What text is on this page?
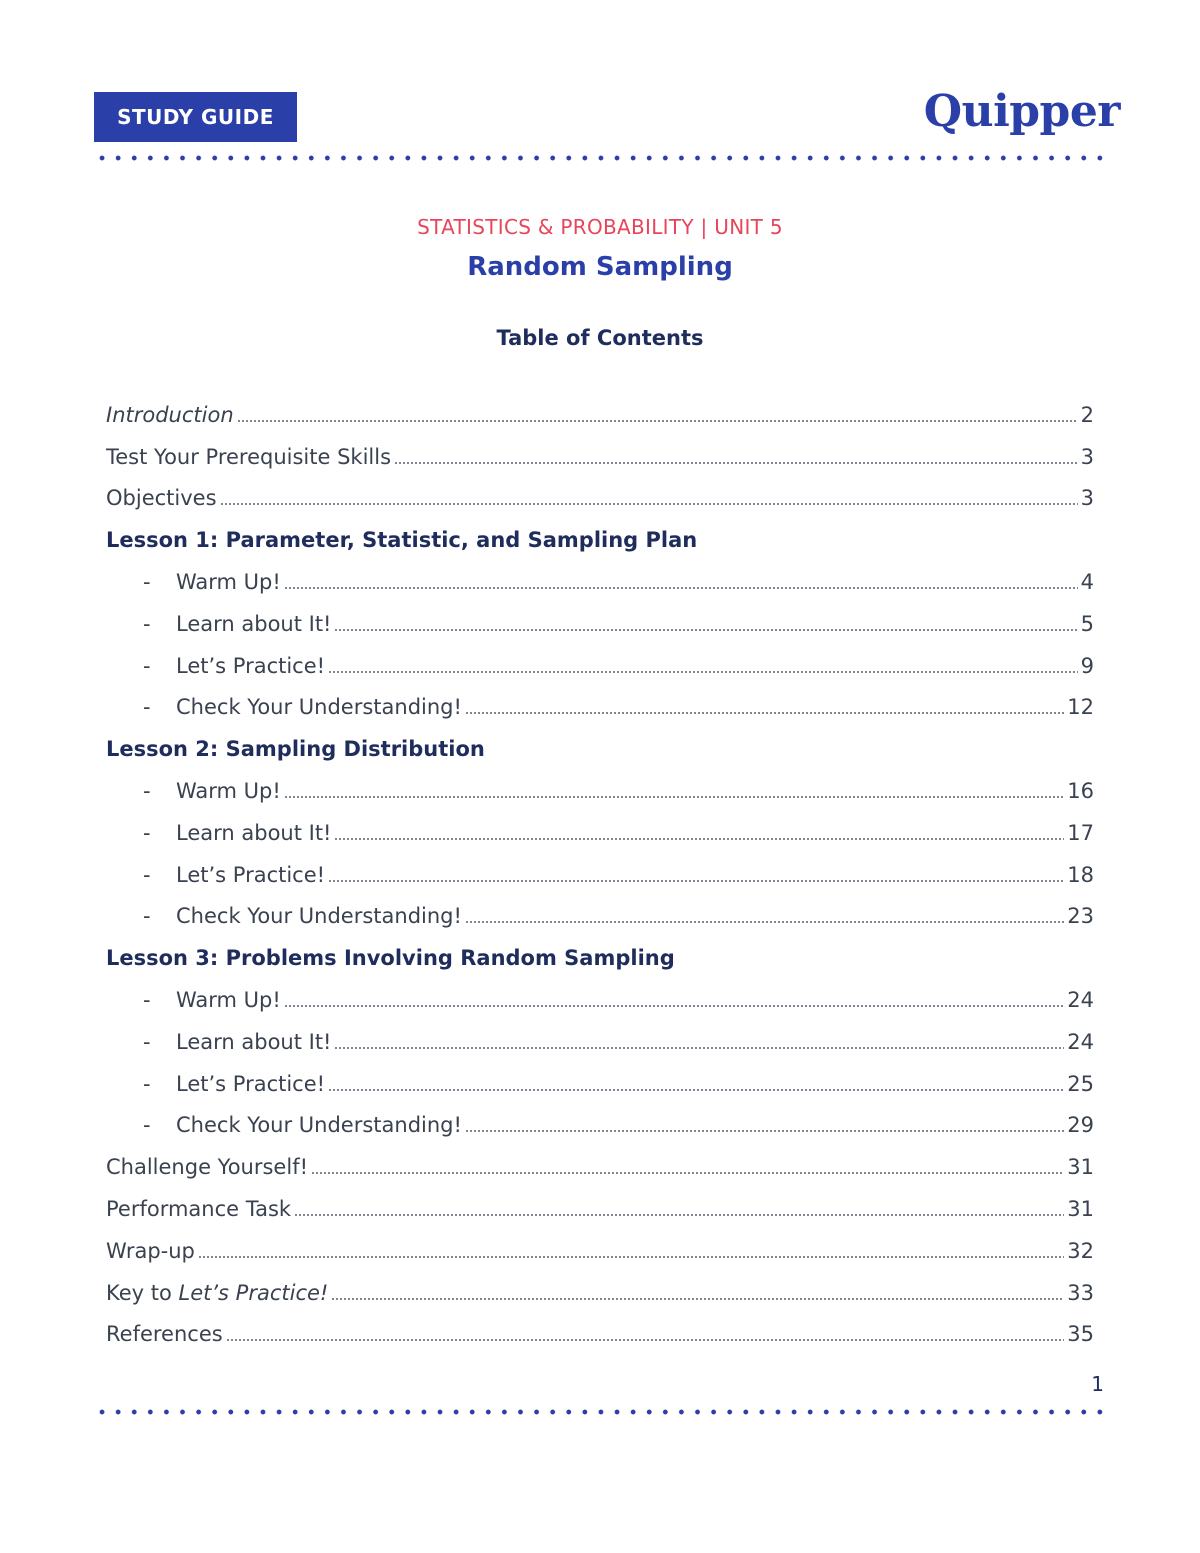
STUDY GUIDE	Quipper
STATISTICS & PROBABILITY | UNIT 5
Random Sampling
Table of Contents
Introduction	2
Test Your Prerequisite Skills	3
Objectives	3
Lesson 1: Parameter, Statistic, and Sampling Plan
-	Warm Up!	4
-	Learn about It!	5
-	Let’s Practice!	9
-	Check Your Understanding!	12
Lesson 2: Sampling Distribution
-	Warm Up!	16
-	Learn about It!	17
-	Let’s Practice!	18
-	Check Your Understanding!	23
Lesson 3: Problems Involving Random Sampling
-	Warm Up!	24
-	Learn about It!	24
-	Let’s Practice!	25
-	Check Your Understanding!	29
Challenge Yourself!	31
Performance Task	31
Wrap-up	32
Key to Let’s Practice!	33
References	35
1
